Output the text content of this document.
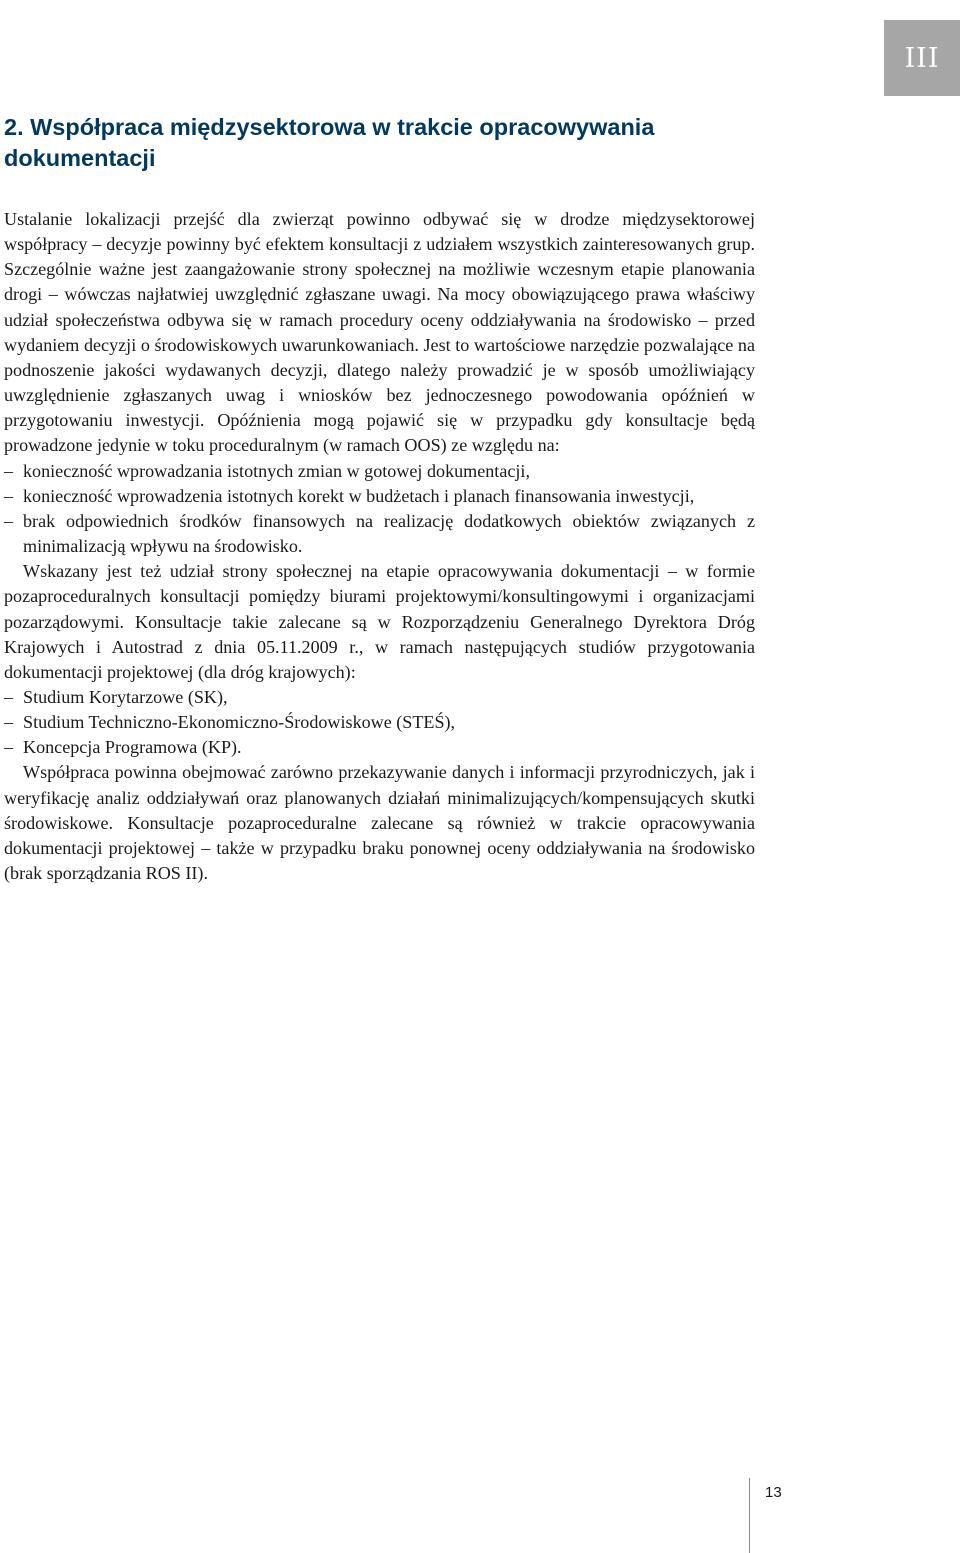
III
2. Współpraca międzysektorowa w trakcie opracowywania dokumentacji

Ustalanie lokalizacji przejść dla zwierząt powinno odbywać się w drodze międzysektorowej współpracy – decyzje powinny być efektem konsultacji z udziałem wszystkich zainteresowanych grup. Szczególnie ważne jest zaangażowanie strony społecznej na możliwie wczesnym etapie planowania drogi – wówczas najłatwiej uwzględnić zgłaszane uwagi. Na mocy obowiązującego prawa właściwy udział społeczeństwa odbywa się w ramach procedury oceny oddziaływania na środowisko – przed wydaniem decyzji o środowiskowych uwarunkowaniach. Jest to wartościowe narzędzie pozwalające na podnoszenie jakości wydawanych decyzji, dlatego należy prowadzić je w sposób umożliwiający uwzględnienie zgłaszanych uwag i wniosków bez jednoczesnego powodowania opóźnień w przygotowaniu inwestycji. Opóźnienia mogą pojawić się w przypadku gdy konsultacje będą prowadzone jedynie w toku proceduralnym (w ramach OOS) ze względu na:

– konieczność wprowadzania istotnych zmian w gotowej dokumentacji,
– konieczność wprowadzenia istotnych korekt w budżetach i planach finansowania inwestycji,
– brak odpowiednich środków finansowych na realizację dodatkowych obiektów związanych z minimalizacją wpływu na środowisko.

Wskazany jest też udział strony społecznej na etapie opracowywania dokumentacji – w formie pozaproceduralnych konsultacji pomiędzy biurami projektowymi/konsultingowymi i organizacjami pozarządowymi. Konsultacje takie zalecane są w Rozporządzeniu Generalnego Dyrektora Dróg Krajowych i Autostrad z dnia 05.11.2009 r., w ramach następujących studiów przygotowania dokumentacji projektowej (dla dróg krajowych):

– Studium Korytarzowe (SK),
– Studium Techniczno-Ekonomiczno-Środowiskowe (STEŚ),
– Koncepcja Programowa (KP).

Współpraca powinna obejmować zarówno przekazywanie danych i informacji przyrodniczych, jak i weryfikację analiz oddziaływań oraz planowanych działań minimalizujących/kompensujących skutki środowiskowe. Konsultacje pozaproceduralne zalecane są również w trakcie opracowywania dokumentacji projektowej – także w przypadku braku ponownej oceny oddziaływania na środowisko (brak sporządzania ROS II).

13
